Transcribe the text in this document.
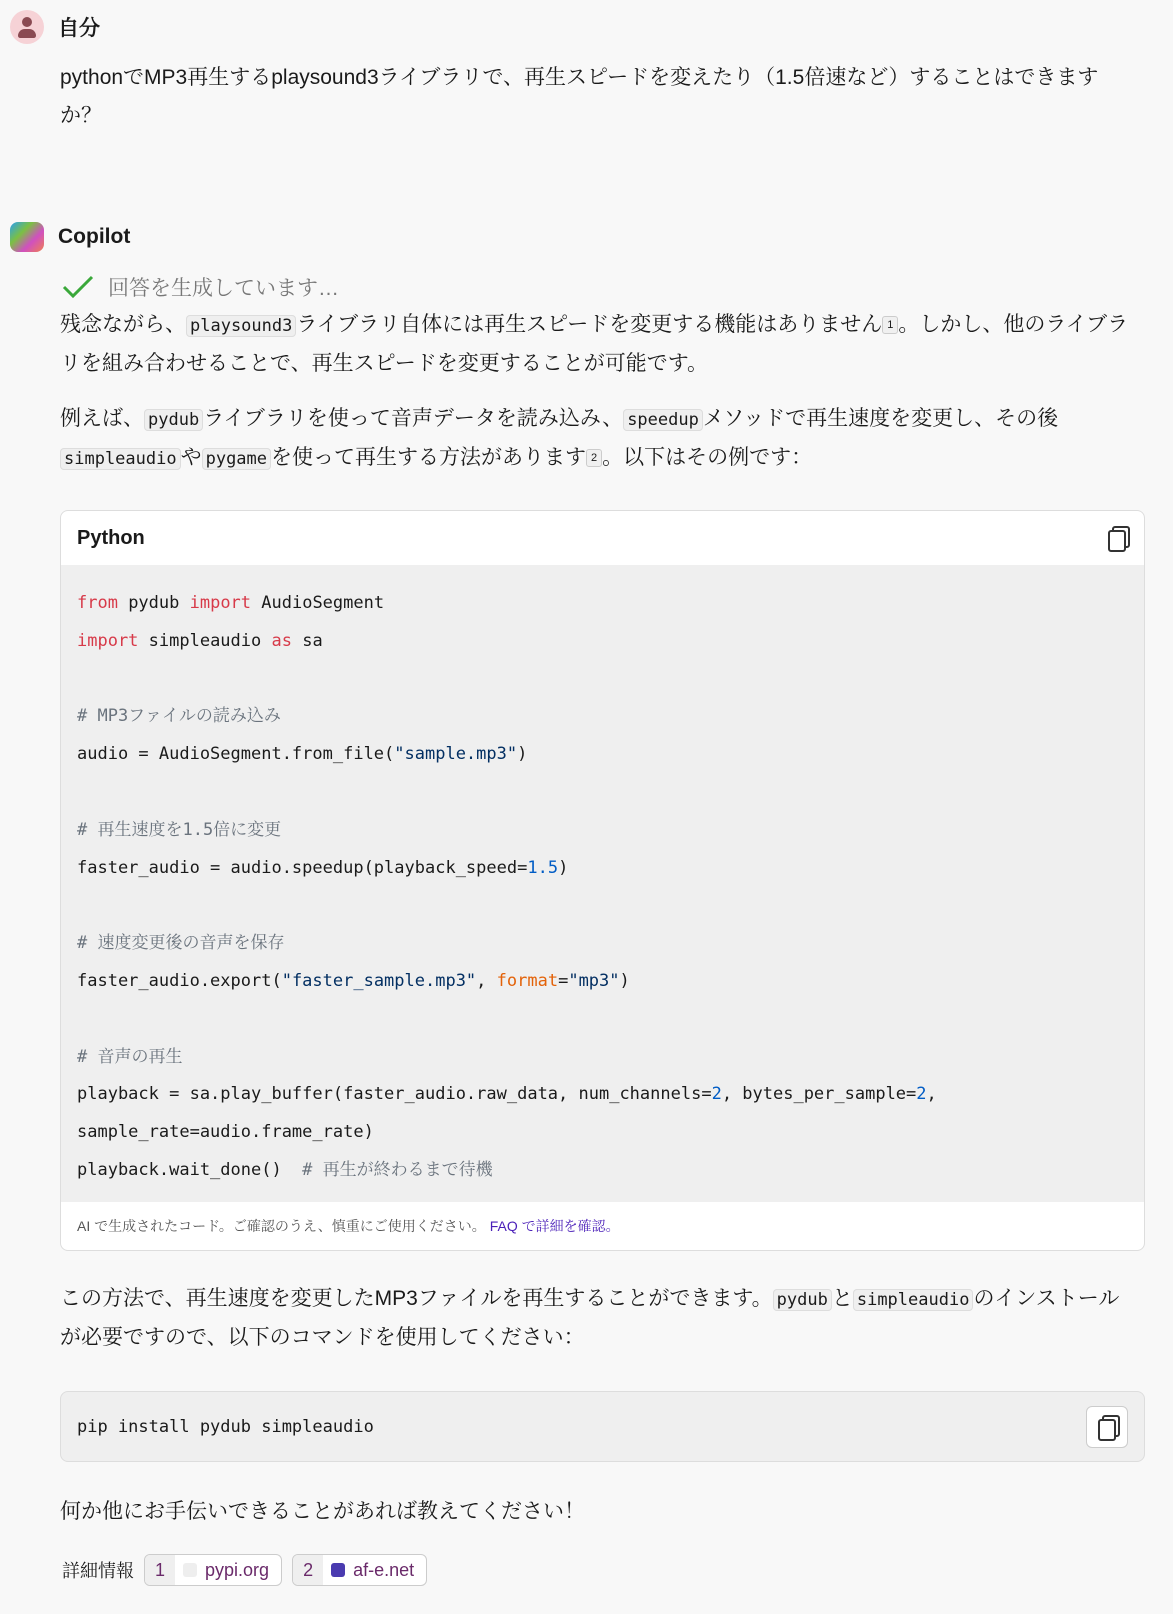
自分
pythonでMP3再生するplaysound3ライブラリで、再生スピードを変えたり（1.5倍速など）することはできますか？
Copilot
回答を生成しています…
残念ながら、 playsound3 ライブラリ自体には再生スピードを変更する機能はありません 1 。しかし、他のライブラリを組み合わせることで、再生スピードを変更することが可能です。
例えば、 pydub ライブラリを使って音声データを読み込み、 speedup メソッドで再生速度を変更し、その後simpleaudio や pygame を使って再生する方法があります 2 。以下はその例です：
Python
from pydub import AudioSegment
import simpleaudio as sa
# MP3ファイルの読み込み
audio = AudioSegment.from_file("sample.mp3")
# 再生速度を1.5倍に変更
faster_audio = audio.speedup(playback_speed=1.5)
# 速度変更後の音声を保存
faster_audio.export("faster_sample.mp3", format="mp3")
# 音声の再生
playback = sa.play_buffer(faster_audio.raw_data, num_channels=2, bytes_per_sample=2,
sample_rate=audio.frame_rate)
playback.wait_done()  # 再生が終わるまで待機
AI で生成されたコード。ご確認のうえ、慎重にご使用ください。 FAQ で詳細を確認。
この方法で、再生速度を変更したMP3ファイルを再生することができます。 pydub と simpleaudio のインストールが必要ですので、以下のコマンドを使用してください：
pip install pydub simpleaudio
何か他にお手伝いできることがあれば教えてください！
詳細情報	1	pypi.org	2	af-e.net
